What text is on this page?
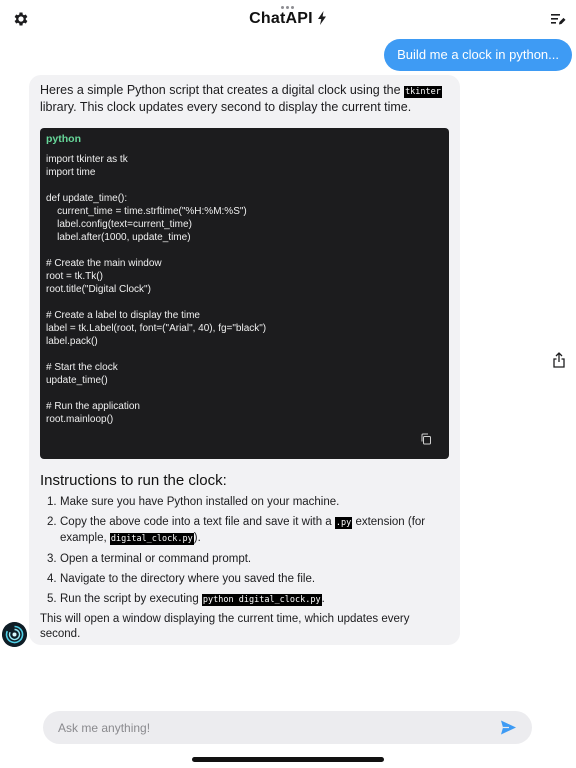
ChatAPI
Build me a clock in python...

Heres a simple Python script that creates a digital clock using the tkinter library. This clock updates every second to display the current time.

python
import tkinter as tk
import time

def update_time():
current_time = time.strftime("%H:%M:%S")
label.config(text=current_time)
label.after(1000, update_time)

# Create the main window
root = tk.Tk()
root.title("Digital Clock")

# Create a label to display the time
label = tk.Label(root, font=("Arial", 40), fg="black")
label.pack()

# Start the clock
update_time()

# Run the application
root.mainloop()
Instructions to run the clock:
1. Make sure you have Python installed on your machine.
2. Copy the above code into a text file and save it with a .py extension (for example, digital_clock.py).
3. Open a terminal or command prompt.
4. Navigate to the directory where you saved the file.
5. Run the script by executing python digital_clock.py.

This will open a window displaying the current time, which updates every second.

Ask me anything!
